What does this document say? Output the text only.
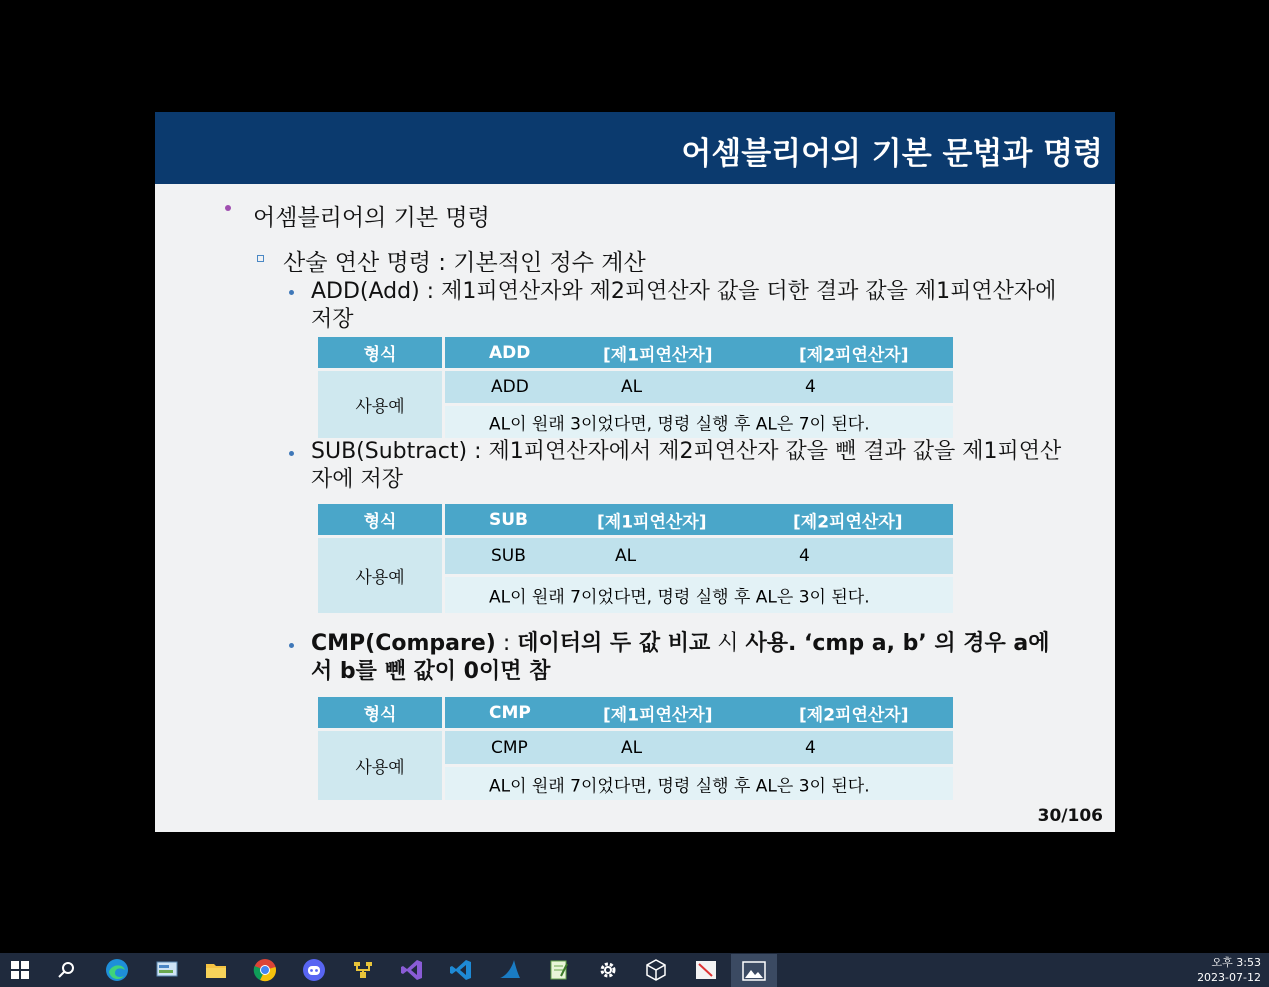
어셈블리어의 기본 문법과 명령
어셈블리어의 기본 명령
산술 연산 명령 : 기본적인 정수 계산
ADD(Add) : 제1피연산자와 제2피연산자 값을 더한 결과 값을 제1피연산자에 저장
형식	ADD [제1피연산자] [제2피연산자]

사용예	ADD AL 4

	AL이 원래 3이었다면, 명령 실행 후 AL은 7이 된다.
SUB(Subtract) : 제1피연산자에서 제2피연산자 값을 뺀 결과 값을 제1피연산자에 저장
형식	SUB [제1피연산자] [제2피연산자]

사용예	SUB AL 4

	AL이 원래 7이었다면, 명령 실행 후 AL은 3이 된다.
CMP(Compare) : 데이터의 두 값 비교 시 사용. ‘cmp a, b’ 의 경우 a에서 b를 뺀 값이 0이면 참
형식	CMP [제1피연산자] [제2피연산자]

사용예	CMP AL 4

	AL이 원래 7이었다면, 명령 실행 후 AL은 3이 된다.
30/106
오후 3:53
2023-07-12
